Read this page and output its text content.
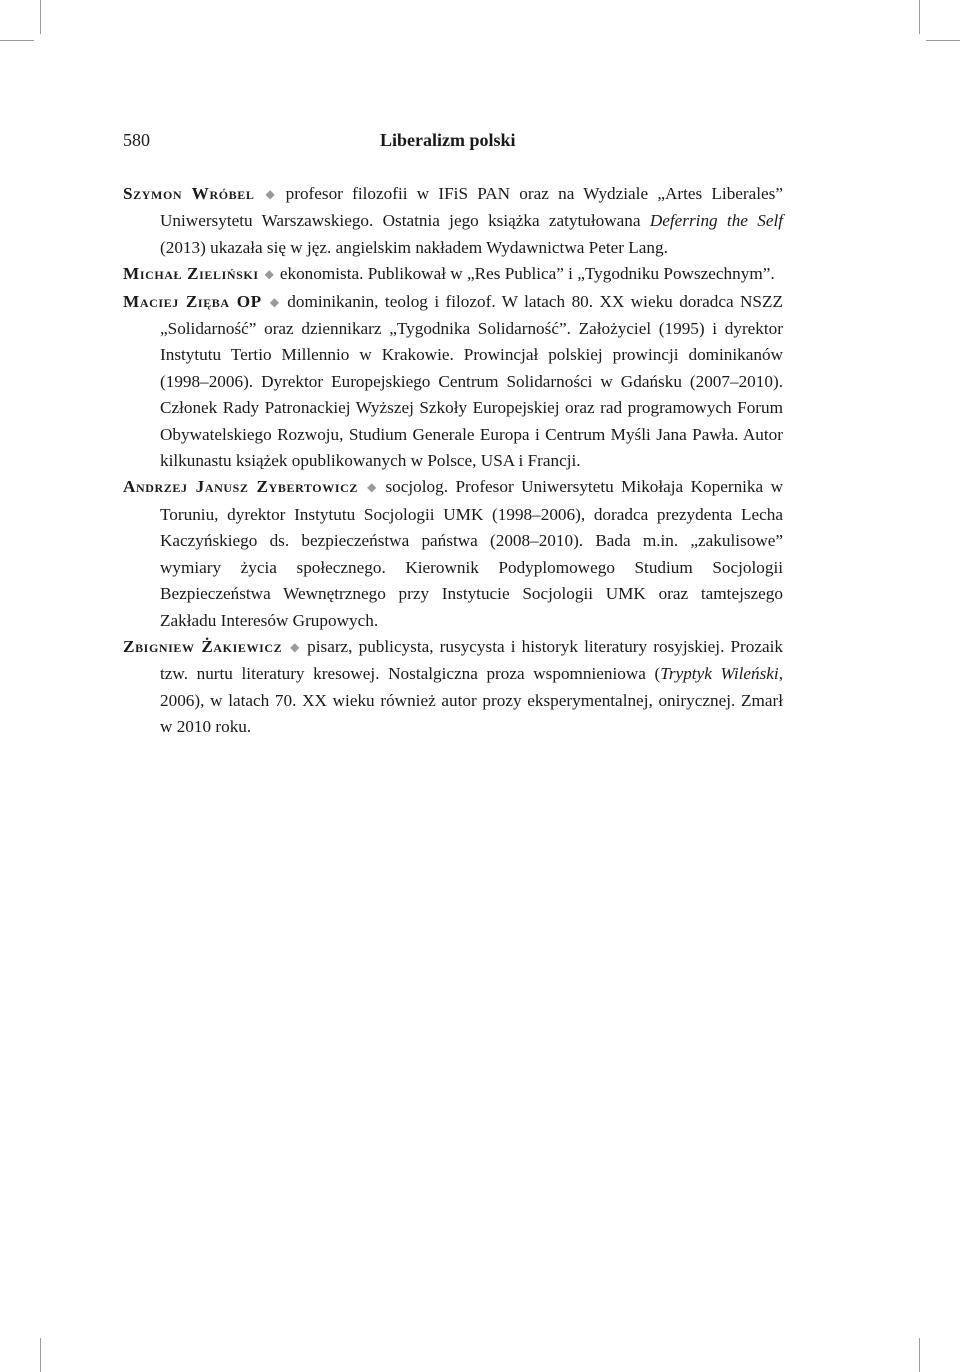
580	Liberalizm polski

Szymon Wróbel ◆ profesor filozofii w IFiS PAN oraz na Wydziale „Artes Liberales” Uniwersytetu Warszawskiego. Ostatnia jego książka zatytułowana Deferring the Self (2013) ukazała się w jęz. angielskim nakładem Wydawnictwa Peter Lang.

Michał Zieliński ◆ ekonomista. Publikował w „Res Publica” i „Tygodniku Powszechnym”.

Maciej Zięba OP ◆ dominikanin, teolog i filozof. W latach 80. XX wieku doradca NSZZ „Solidarność” oraz dziennikarz „Tygodnika Solidarność”. Założyciel (1995) i dyrektor Instytutu Tertio Millennio w Krakowie. Prowincjał polskiej prowincji dominikanów (1998–2006). Dyrektor Europejskiego Centrum Solidarności w Gdańsku (2007–2010). Członek Rady Patronackiej Wyższej Szkoły Europejskiej oraz rad programowych Forum Obywatelskiego Rozwoju, Studium Generale Europa i Centrum Myśli Jana Pawła. Autor kilkunastu książek opublikowanych w Polsce, USA i Francji.

Andrzej Janusz Zybertowicz ◆ socjolog. Profesor Uniwersytetu Mikołaja Kopernika w Toruniu, dyrektor Instytutu Socjologii UMK (1998–2006), doradca prezydenta Lecha Kaczyńskiego ds. bezpieczeństwa państwa (2008–2010). Bada m.in. „zakulisowe” wymiary życia społecznego. Kierownik Podyplomowego Studium Socjologii Bezpieczeństwa Wewnętrznego przy Instytucie Socjologii UMK oraz tamtejszego Zakładu Interesów Grupowych.

Zbigniew Żakiewicz ◆ pisarz, publicysta, rusycysta i historyk literatury rosyjskiej. Prozaik tzw. nurtu literatury kresowej. Nostalgiczna proza wspomnieniowa (Tryptyk Wileński, 2006), w latach 70. XX wieku również autor prozy eksperymentalnej, onirycznej. Zmarł w 2010 roku.
